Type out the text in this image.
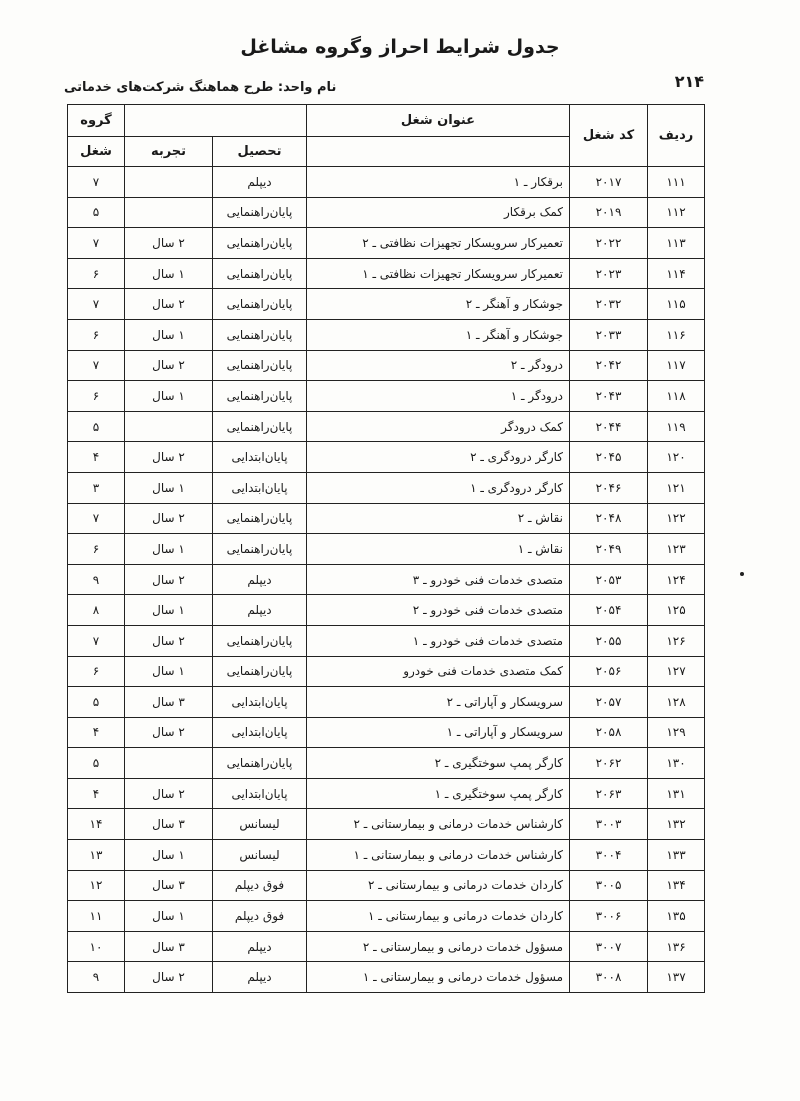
جدول شرایط احراز وگروه مشاغل
۲۱۴
نام واحد: طرح هماهنگ شرکت‌های خدماتی
ردیف	کد شغل	عنوان شغل			گروه
			تحصیل	تجربه	شغل
۱۱۱	۲۰۱۷	برقکار ـ ۱	دیپلم		۷
۱۱۲	۲۰۱۹	کمک برقکار	پایان‌راهنمایی		۵
۱۱۳	۲۰۲۲	تعمیرکار سرویسکار تجهیزات نظافتی ـ ۲	پایان‌راهنمایی	۲ سال	۷
۱۱۴	۲۰۲۳	تعمیرکار سرویسکار تجهیزات نظافتی ـ ۱	پایان‌راهنمایی	۱ سال	۶
۱۱۵	۲۰۳۲	جوشکار و آهنگر ـ ۲	پایان‌راهنمایی	۲ سال	۷
۱۱۶	۲۰۳۳	جوشکار و آهنگر ـ ۱	پایان‌راهنمایی	۱ سال	۶
۱۱۷	۲۰۴۲	درودگر ـ ۲	پایان‌راهنمایی	۲ سال	۷
۱۱۸	۲۰۴۳	درودگر ـ ۱	پایان‌راهنمایی	۱ سال	۶
۱۱۹	۲۰۴۴	کمک درودگر	پایان‌راهنمایی		۵
۱۲۰	۲۰۴۵	کارگر درودگری ـ ۲	پایان‌ابتدایی	۲ سال	۴
۱۲۱	۲۰۴۶	کارگر درودگری ـ ۱	پایان‌ابتدایی	۱ سال	۳
۱۲۲	۲۰۴۸	نقاش ـ ۲	پایان‌راهنمایی	۲ سال	۷
۱۲۳	۲۰۴۹	نقاش ـ ۱	پایان‌راهنمایی	۱ سال	۶
۱۲۴	۲۰۵۳	متصدی خدمات فنی خودرو ـ ۳	دیپلم	۲ سال	۹
۱۲۵	۲۰۵۴	متصدی خدمات فنی خودرو ـ ۲	دیپلم	۱ سال	۸
۱۲۶	۲۰۵۵	متصدی خدمات فنی خودرو ـ ۱	پایان‌راهنمایی	۲ سال	۷
۱۲۷	۲۰۵۶	کمک متصدی خدمات فنی خودرو	پایان‌راهنمایی	۱ سال	۶
۱۲۸	۲۰۵۷	سرویسکار و آپاراتی ـ ۲	پایان‌ابتدایی	۳ سال	۵
۱۲۹	۲۰۵۸	سرویسکار و آپاراتی ـ ۱	پایان‌ابتدایی	۲ سال	۴
۱۳۰	۲۰۶۲	کارگر پمپ سوختگیری ـ ۲	پایان‌راهنمایی		۵
۱۳۱	۲۰۶۳	کارگر پمپ سوختگیری ـ ۱	پایان‌ابتدایی	۲ سال	۴
۱۳۲	۳۰۰۳	کارشناس خدمات درمانی و بیمارستانی ـ ۲	لیسانس	۳ سال	۱۴
۱۳۳	۳۰۰۴	کارشناس خدمات درمانی و بیمارستانی ـ ۱	لیسانس	۱ سال	۱۳
۱۳۴	۳۰۰۵	کاردان خدمات درمانی و بیمارستانی ـ ۲	فوق دیپلم	۳ سال	۱۲
۱۳۵	۳۰۰۶	کاردان خدمات درمانی و بیمارستانی ـ ۱	فوق دیپلم	۱ سال	۱۱
۱۳۶	۳۰۰۷	مسؤول خدمات درمانی و بیمارستانی ـ ۲	دیپلم	۳ سال	۱۰
۱۳۷	۳۰۰۸	مسؤول خدمات درمانی و بیمارستانی ـ ۱	دیپلم	۲ سال	۹
